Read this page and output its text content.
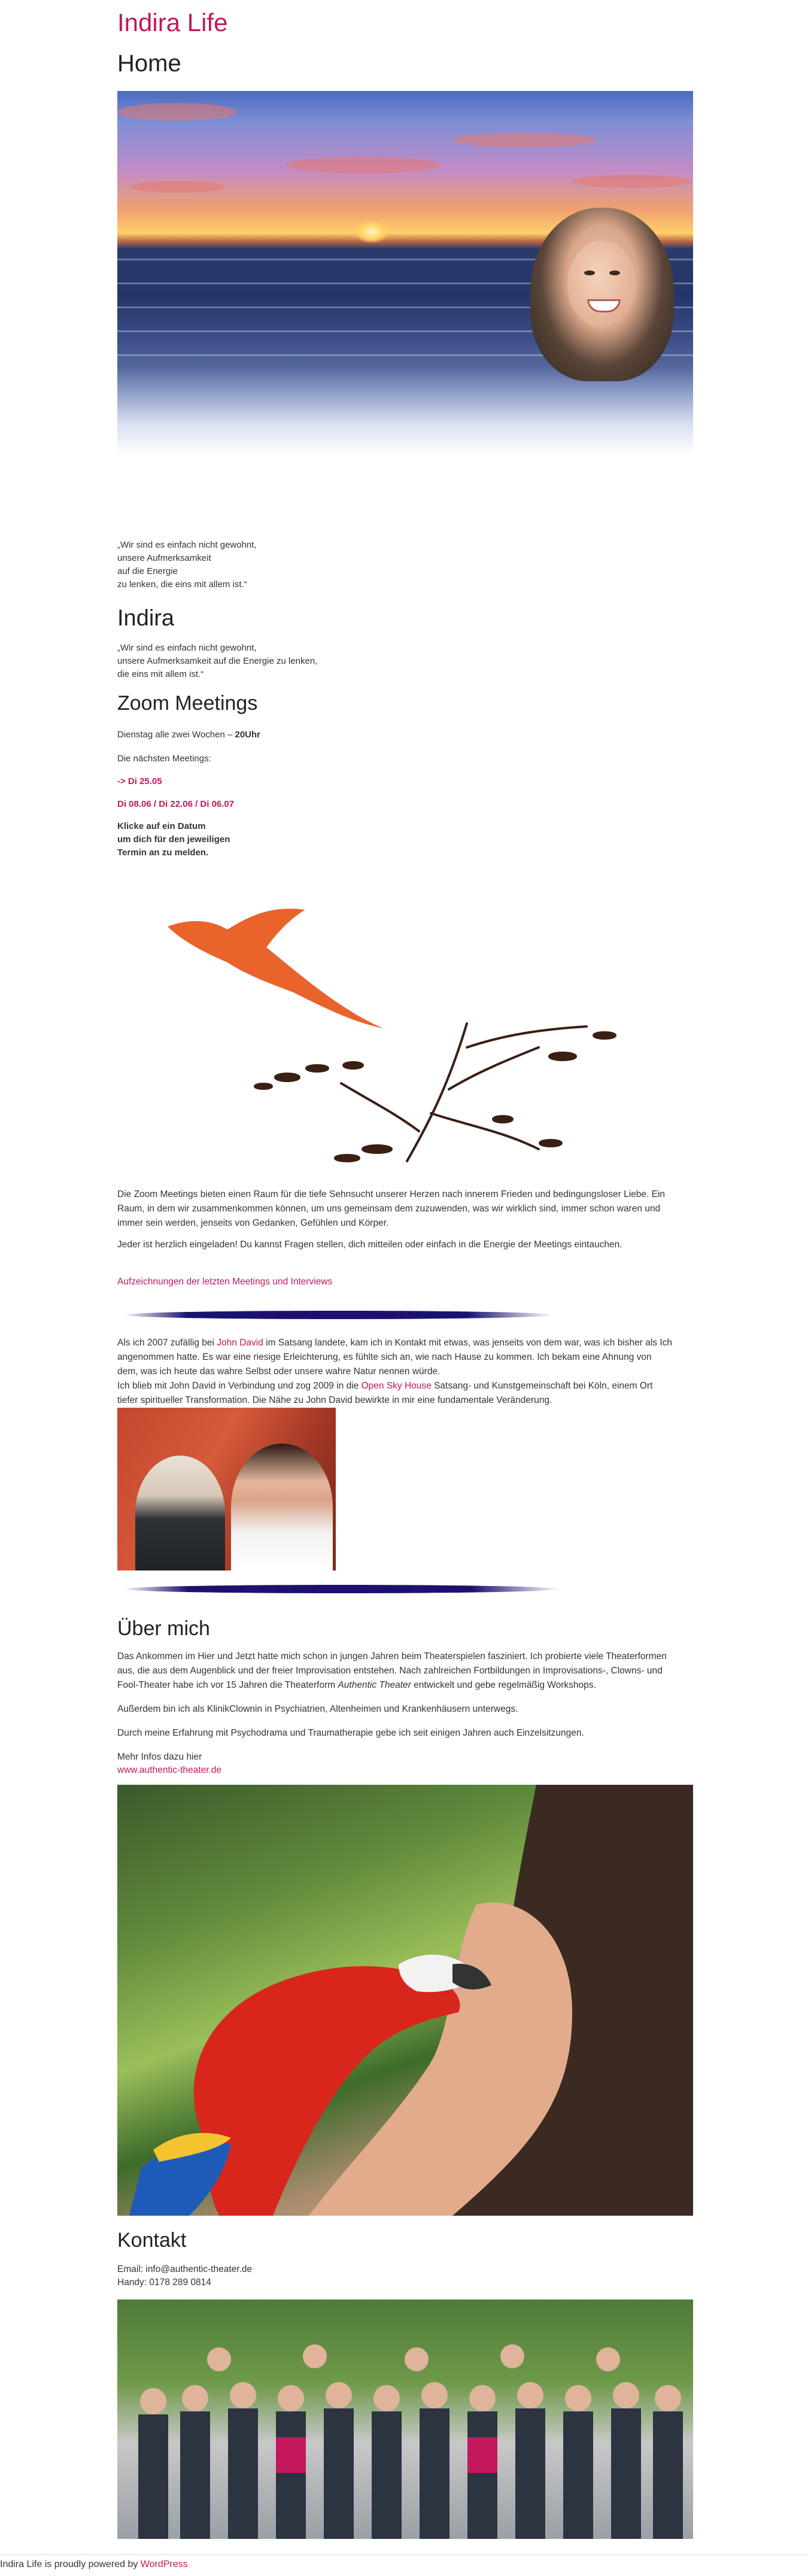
Indira Life
Home
„Wir sind es einfach nicht gewohnt,
unsere Aufmerksamkeit
auf die Energie
zu lenken, die eins mit allem ist.“
Indira
„Wir sind es einfach nicht gewohnt,
unsere Aufmerksamkeit auf die Energie zu lenken,
die eins mit allem ist.“
Zoom Meetings
Dienstag alle zwei Wochen – 20Uhr
Die nächsten Meetings:
-> Di 25.05
Di 08.06 / Di 22.06 / Di 06.07
Klicke auf ein Datum
um dich für den jeweiligen
Termin an zu melden.
Die Zoom Meetings bieten einen Raum für die tiefe Sehnsucht unserer Herzen nach innerem Frieden und bedingungsloser Liebe. Ein
Raum, in dem wir zusammenkommen können, um uns gemeinsam dem zuzuwenden, was wir wirklich sind, immer schon waren und
immer sein werden, jenseits von Gedanken, Gefühlen und Körper.
Jeder ist herzlich eingeladen! Du kannst Fragen stellen, dich mitteilen oder einfach in die Energie der Meetings eintauchen.
Aufzeichnungen der letzten Meetings und Interviews
Als ich 2007 zufällig bei John David im Satsang landete, kam ich in Kontakt mit etwas, was jenseits von dem war, was ich bisher als Ich
angenommen hatte. Es war eine riesige Erleichterung, es fühlte sich an, wie nach Hause zu kommen. Ich bekam eine Ahnung von
dem, was ich heute das wahre Selbst oder unsere wahre Natur nennen würde.
Ich blieb mit John David in Verbindung und zog 2009 in die Open Sky House Satsang- und Kunstgemeinschaft bei Köln, einem Ort
tiefer spiritueller Transformation. Die Nähe zu John David bewirkte in mir eine fundamentale Veränderung.
Über mich
Das Ankommen im Hier und Jetzt hatte mich schon in jungen Jahren beim Theaterspielen fasziniert. Ich probierte viele Theaterformen
aus, die aus dem Augenblick und der freier Improvisation entstehen. Nach zahlreichen Fortbildungen in Improvisations-, Clowns- und
Fool-Theater habe ich vor 15 Jahren die Theaterform Authentic Theater entwickelt und gebe regelmäßig Workshops.
Außerdem bin ich als KlinikClownin in Psychiatrien, Altenheimen und Krankenhäusern unterwegs.
Durch meine Erfahrung mit Psychodrama und Traumatherapie gebe ich seit einigen Jahren auch Einzelsitzungen.
Mehr Infos dazu hier
www.authentic-theater.de
Kontakt
Email: info@authentic-theater.de
Handy: 0178 289 0814
Indira Life is proudly powered by WordPress
